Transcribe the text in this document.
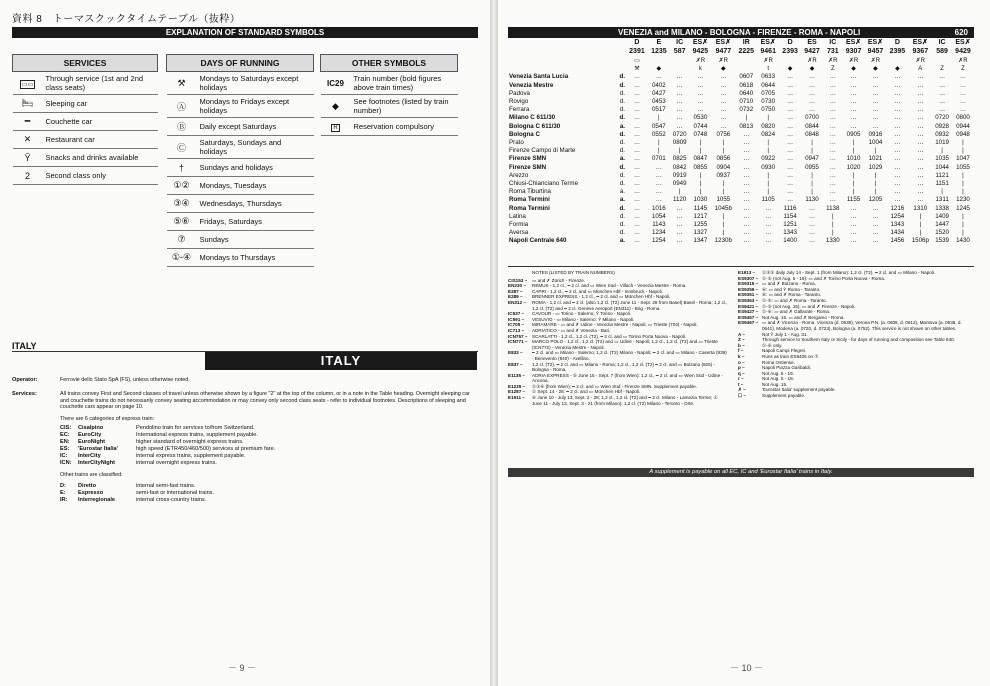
資料 8　トーマスクックタイムテーブル（抜粋）
EXPLANATION OF STANDARD SYMBOLS
SERVICES	
▭▭	Through service (1st and 2nd class seats)
🛏	Sleeping car
━	Couchette car
✕	Restaurant car
Ŷ	Snacks and drinks available
2	Second class only
DAYS OF RUNNING	
⚒	Mondays to Saturdays except holidays
Ⓐ	Mondays to Fridays except holidays
Ⓑ	Daily except Saturdays
Ⓒ	Saturdays, Sundays and holidays
†	Sundays and holidays
①②	Mondays, Tuesdays
③④	Wednesdays, Thursdays
⑤⑥	Fridays, Saturdays
⑦	Sundays
①-④	Mondays to Thursdays
OTHER SYMBOLS	
IC29	Train number (bold figures above train times)
◆	See footnotes (listed by train number)
R	Reservation compulsory
ITALY
ITALY
Operator:	Ferrovie dello Stato SpA (FS), unless otherwise noted.
Services:	All trains convey First and Second classes of travel unless otherwise shown by a figure "2" at the top of the column, or in a note in the Table heading. Overnight sleeping car and couchette trains do not necessarily convey seating accommodation or may convey only second class seats - refer to individual footnotes. Descriptions of sleeping and couchette cars appear on page 10.
There are 6 categories of express train:
CIS: Cisalpino	Pendolino train for services to/from Switzerland.
EC: EuroCity	International express trains, supplement payable.
EN: EuroNight	higher standard of overnight express trains.
ES: 'Eurostar Italia'	high speed (ETR450/460/500) services at premium fare.
IC: InterCity	internal express trains, supplement payable.
ICN: InterCityNight	internal overnight express trains.
Other trains are classified:
D: Diretto	internal semi-fast trains.
E: Espresso	semi-fast or international trains.
IR: Interregionale	internal cross-country trains.
－ 9 －
VENEZIA and MILANO - BOLOGNA - FIRENZE - ROMA - NAPOLI	620
	D	E	IC	ES✗	ES✗	IR	ES✗	D	ES	IC	ES✗	ES✗	D	ES✗	IC	ES✗
	2391	1235	587	9425	9477	2225	9461	2393	9427	731	9307	9457	2395	9367	589	9429
	▭			✗R	✗R		✗R		✗R	✗R	✗R	✗R		✗R		✗R
	⚒	◆		k	◆		t	◆	◆	Z	◆	◆	◆	A	Z	Z
Venezia Santa Lucia d.	…	…	…	…	…	0607	0633	…	…	…	…	…	…	…	…	…
Venezia Mestre d.	…	0402	…	…	…	0618	0644	…	…	…	…	…	…	…	…	…
Padova d.	…	0427	…	…	…	0640	0705	…	…	…	…	…	…	…	…	…
Rovigo d.	…	0453	…	…	…	0710	0730	…	…	…	…	…	…	…	…	…
Ferrara d.	…	0517	…	…	…	0732	0750	…	…	…	…	…	…	…	…	…
Milano C 611/30 d.	…	|	…	0530	…	|	|	…	0700	…	…	…	…	…	0720	0800
Bologna C 611/30 a.	…	0547	…	0744	…	0813	0820	…	0844	…	…	…	…	…	0928	0944
Bologna C d.	…	0552	0720	0748	0756	…	0824	…	0848	…	0905	0916	…	…	0932	0948
Prato d.	…	|	0809	|	|	…	|	…	|	…	|	1004	…	…	1019	|
Firenze Campo di Marte d.	…	|	|	|	|	…	|	…	|	…	|	|	…	…	|	|
Firenze SMN a.	…	0701	0825	0847	0856	…	0922	…	0947	…	1010	1021	…	…	1035	1047
Firenze SMN d.	…	…	0842	0855	0904	…	0930	…	0955	…	1020	1029	…	…	1044	1055
Arezzo d.	…	…	0919	|	0937	…	|	…	|	…	|	|	…	…	1121	|
Chiusi-Chianciano Terme d.	…	…	0949	|	|	…	|	…	|	…	|	|	…	…	1151	|
Roma Tiburtina a.	…	…	|	|	|	…	|	…	|	…	|	|	…	…	|	|
Roma Termini a.	…	…	1120	1030	1055	…	1105	…	1130	…	1155	1205	…	…	1311	1230
Roma Termini d.	…	1016	…	1145	1045b	…	…	1116	…	1138	…	…	1216	1310	1338	1245
Latina d.	…	1054	…	1217	|	…	…	1154	…	|	…	…	1254	|	1409	|
Formia d.	…	1143	…	1255	|	…	…	1251	…	|	…	…	1343	|	1447	|
Aversa d.	…	1234	…	1327	|	…	…	1343	…	|	…	…	1434	|	1520	|
Napoli Centrale 640 a.	…	1254	…	1347	1230b	…	…	1400	…	1330	…	…	1456	1506p	1539	1430
NOTES (LISTED BY TRAIN NUMBERS)
CIS153 –	▭ and ✗ Zürich - Firenze.
EN230 –	REMUS - 1,2 cl., ━ 2 cl. and ▭ Wien Süd - Villach - Venezia Mestre - Roma.
E287 –	CAPRI - 1,2 cl., ━ 2 cl. and ▭ München Hbf - Innsbruck - Napoli.
E289 –	BRENNER EXPRESS - 1,2 cl., ━ 2 cl. and ▭ München Hbf - Napoli.
EN312 –	ROMA - 1,2 cl. and ━ 2 cl. (also 1,2 cl. (T2) June 11 - Sept. 28 from Basel) Basel - Roma; 1,2 cl., 1,2 cl. (T2) and ━ 2 cl. Genève Aeroport (EN311) - Brig - Roma.
IC537 –	CAVOUR - ▭ Torino - Salerno; Ŷ Torino - Napoli.
IC591 –	VESUVIO - ▭ Milano - Salerno; Ŷ Milano - Napoli.
IC705 –	MIRAMARE - ▭ and ✗ Udine - Venezia Mestre - Napoli; ▭ Trieste (704) - Napoli.
IC713 –	ADRIATICO - ▭ and ✗ Venezia - Bari.
ICN757 – SCARLATTI - 1,2 cl., 1,2 cl. (T2), ━ 2 cl. and ▭ Torino Porta Nuova - Napoli.
ICN771 – MARCO POLO - 1,2 cl., 1,2 cl. (T2) and ▭ Udine - Napoli; 1,2 cl., 1,2 cl. (T2) and ▭ Trieste (ICN772) - Venezia Mestre - Napoli.
E833 –	━ 2 cl. and ▭ Milano - Salerno; 1,2 cl. (T2) Milano - Napoli; ━ 2 cl. and ▭ Milano - Caserta (939) - Benevento (940) - Avellino.
E837 –	1,2 cl. (T2), ━ 2 cl. and ▭ Milano - Roma; 1,2 cl., 1,2 cl. (T2) ━ 2 cl. and ▭ Bolzano (925) - Bologna - Roma.
E1135 –	ADRIA EXPRESS - ⑤ June 15 - Sept. 7 (from Wien): 1,2 cl., ━ 2 cl. and ▭ Wien Süd - Udine - Ancona.
E1235 –	①③⑥ (from Wien): ━ 2 cl. and ▭ Wien Süd - Firenze SMN. Supplement payable.
E1287 –	① Sept. 14 - 28: ━ 2 cl. and ▭ München Hbf - Napoli.
E1911 –	⑥ June 10 - July 13, Sept. 2 - 28; 1,2 cl., 1,2 cl. (T2) and ━ 2 cl. Milano - Lamezia Terme; ① June 11 - July 13, Sept. 3 - 21 (from Milano): 1,2 cl. (T2) Milano - Teronto - Orte.
E1913 –	①③⑤ daily July 14 - Sept. 1 (from Milano): 1,2 cl. (T2), ━ 2 cl. and ▭ Milano - Napoli.
ES9307 – ①-⑤ (not Aug. 5 - 19): ▭ and ✗ Torino Porta Nuova - Roma.
ES9315 – ▭ and ✗ Bolzano - Roma.
ES9359 – ⑥: ▭ and Ŷ Roma - Taranto.
ES9361 – ⑥: ▭ and ✗ Roma - Taranto.
ES9363 – ①-⑤: ▭ and ✗ Roma - Taranto.
ES9421 – ①-⑤ (not Aug. 15): ▭ and ✗ Firenze - Napoli.
ES9427 – ①-⑥: ▭ and ✗ Gallarate - Roma.
ES9457 – Not Aug. 15. ▭ and ✗ Bergamo - Roma.
ES9467 – ▭ and ✗ Vicenza - Roma. Vicenza (d. 0538), Verona P.N. (a. 0608, d. 0612), Mantova (a. 0638, d. 0641), Modena (a. 0720, d. 0723), Bologna (a. 0752). This service is not shown on other tables.
A –	Not Ŷ July 1 - Aug. 31.
Z –	Through service to Southern Italy or Sicily - for days of running and composition see Table 640.
b –	①-⑥ only.
f –	Napoli Campi Flegrei.
k –	Runs as train ES9405 on ⑦.
o –	Roma Ostiense.
p –	Napoli Piazza Garibaldi.
q –	Not Aug. 5 - 19.
r –	Not Aug. 5 - 18.
t –	Not Aug. 15.
✗ –	'Eurostar Italia' supplement payable.
☐ –	Supplement payable.
A supplement is payable on all EC, IC and 'Eurostar Italia' trains in Italy.
－ 10 －
